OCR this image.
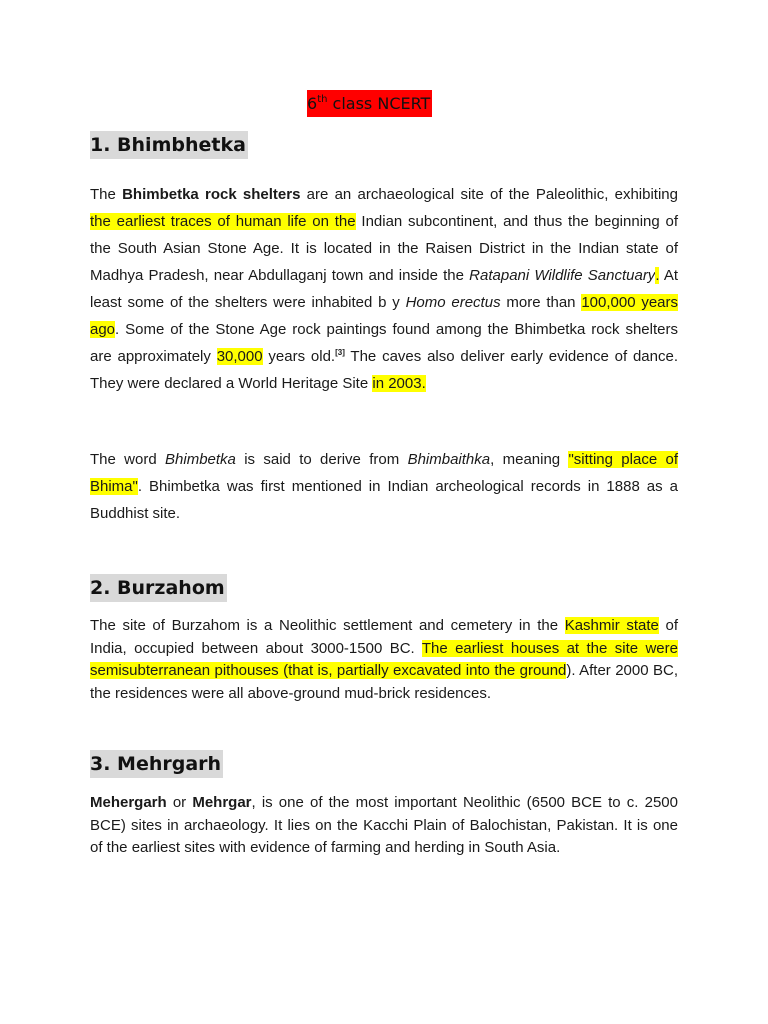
6th class NCERT
1. Bhimbhetka
The Bhimbetka rock shelters are an archaeological site of the Paleolithic, exhibiting the earliest traces of human life on the Indian subcontinent, and thus the beginning of the South Asian Stone Age. It is located in the Raisen District in the Indian state of Madhya Pradesh, near Abdullaganj town and inside the Ratapani Wildlife Sanctuary. At least some of the shelters were inhabited b y Homo erectus more than 100,000 years ago. Some of the Stone Age rock paintings found among the Bhimbetka rock shelters are approximately 30,000 years old.[3] The caves also deliver early evidence of dance. They were declared a World Heritage Site in 2003.
The word Bhimbetka is said to derive from Bhimbaithka, meaning "sitting place of Bhima". Bhimbetka was first mentioned in Indian archeological records in 1888 as a Buddhist site.
2. Burzahom
The site of Burzahom is a Neolithic settlement and cemetery in the Kashmir state of India, occupied between about 3000-1500 BC. The earliest houses at the site were semisubterranean pithouses (that is, partially excavated into the ground). After 2000 BC, the residences were all above-ground mud-brick residences.
3. Mehrgarh
Mehergarh or Mehrgar, is one of the most important Neolithic (6500 BCE to c. 2500 BCE) sites in archaeology. It lies on the Kacchi Plain of Balochistan, Pakistan. It is one of the earliest sites with evidence of farming and herding in South Asia.
